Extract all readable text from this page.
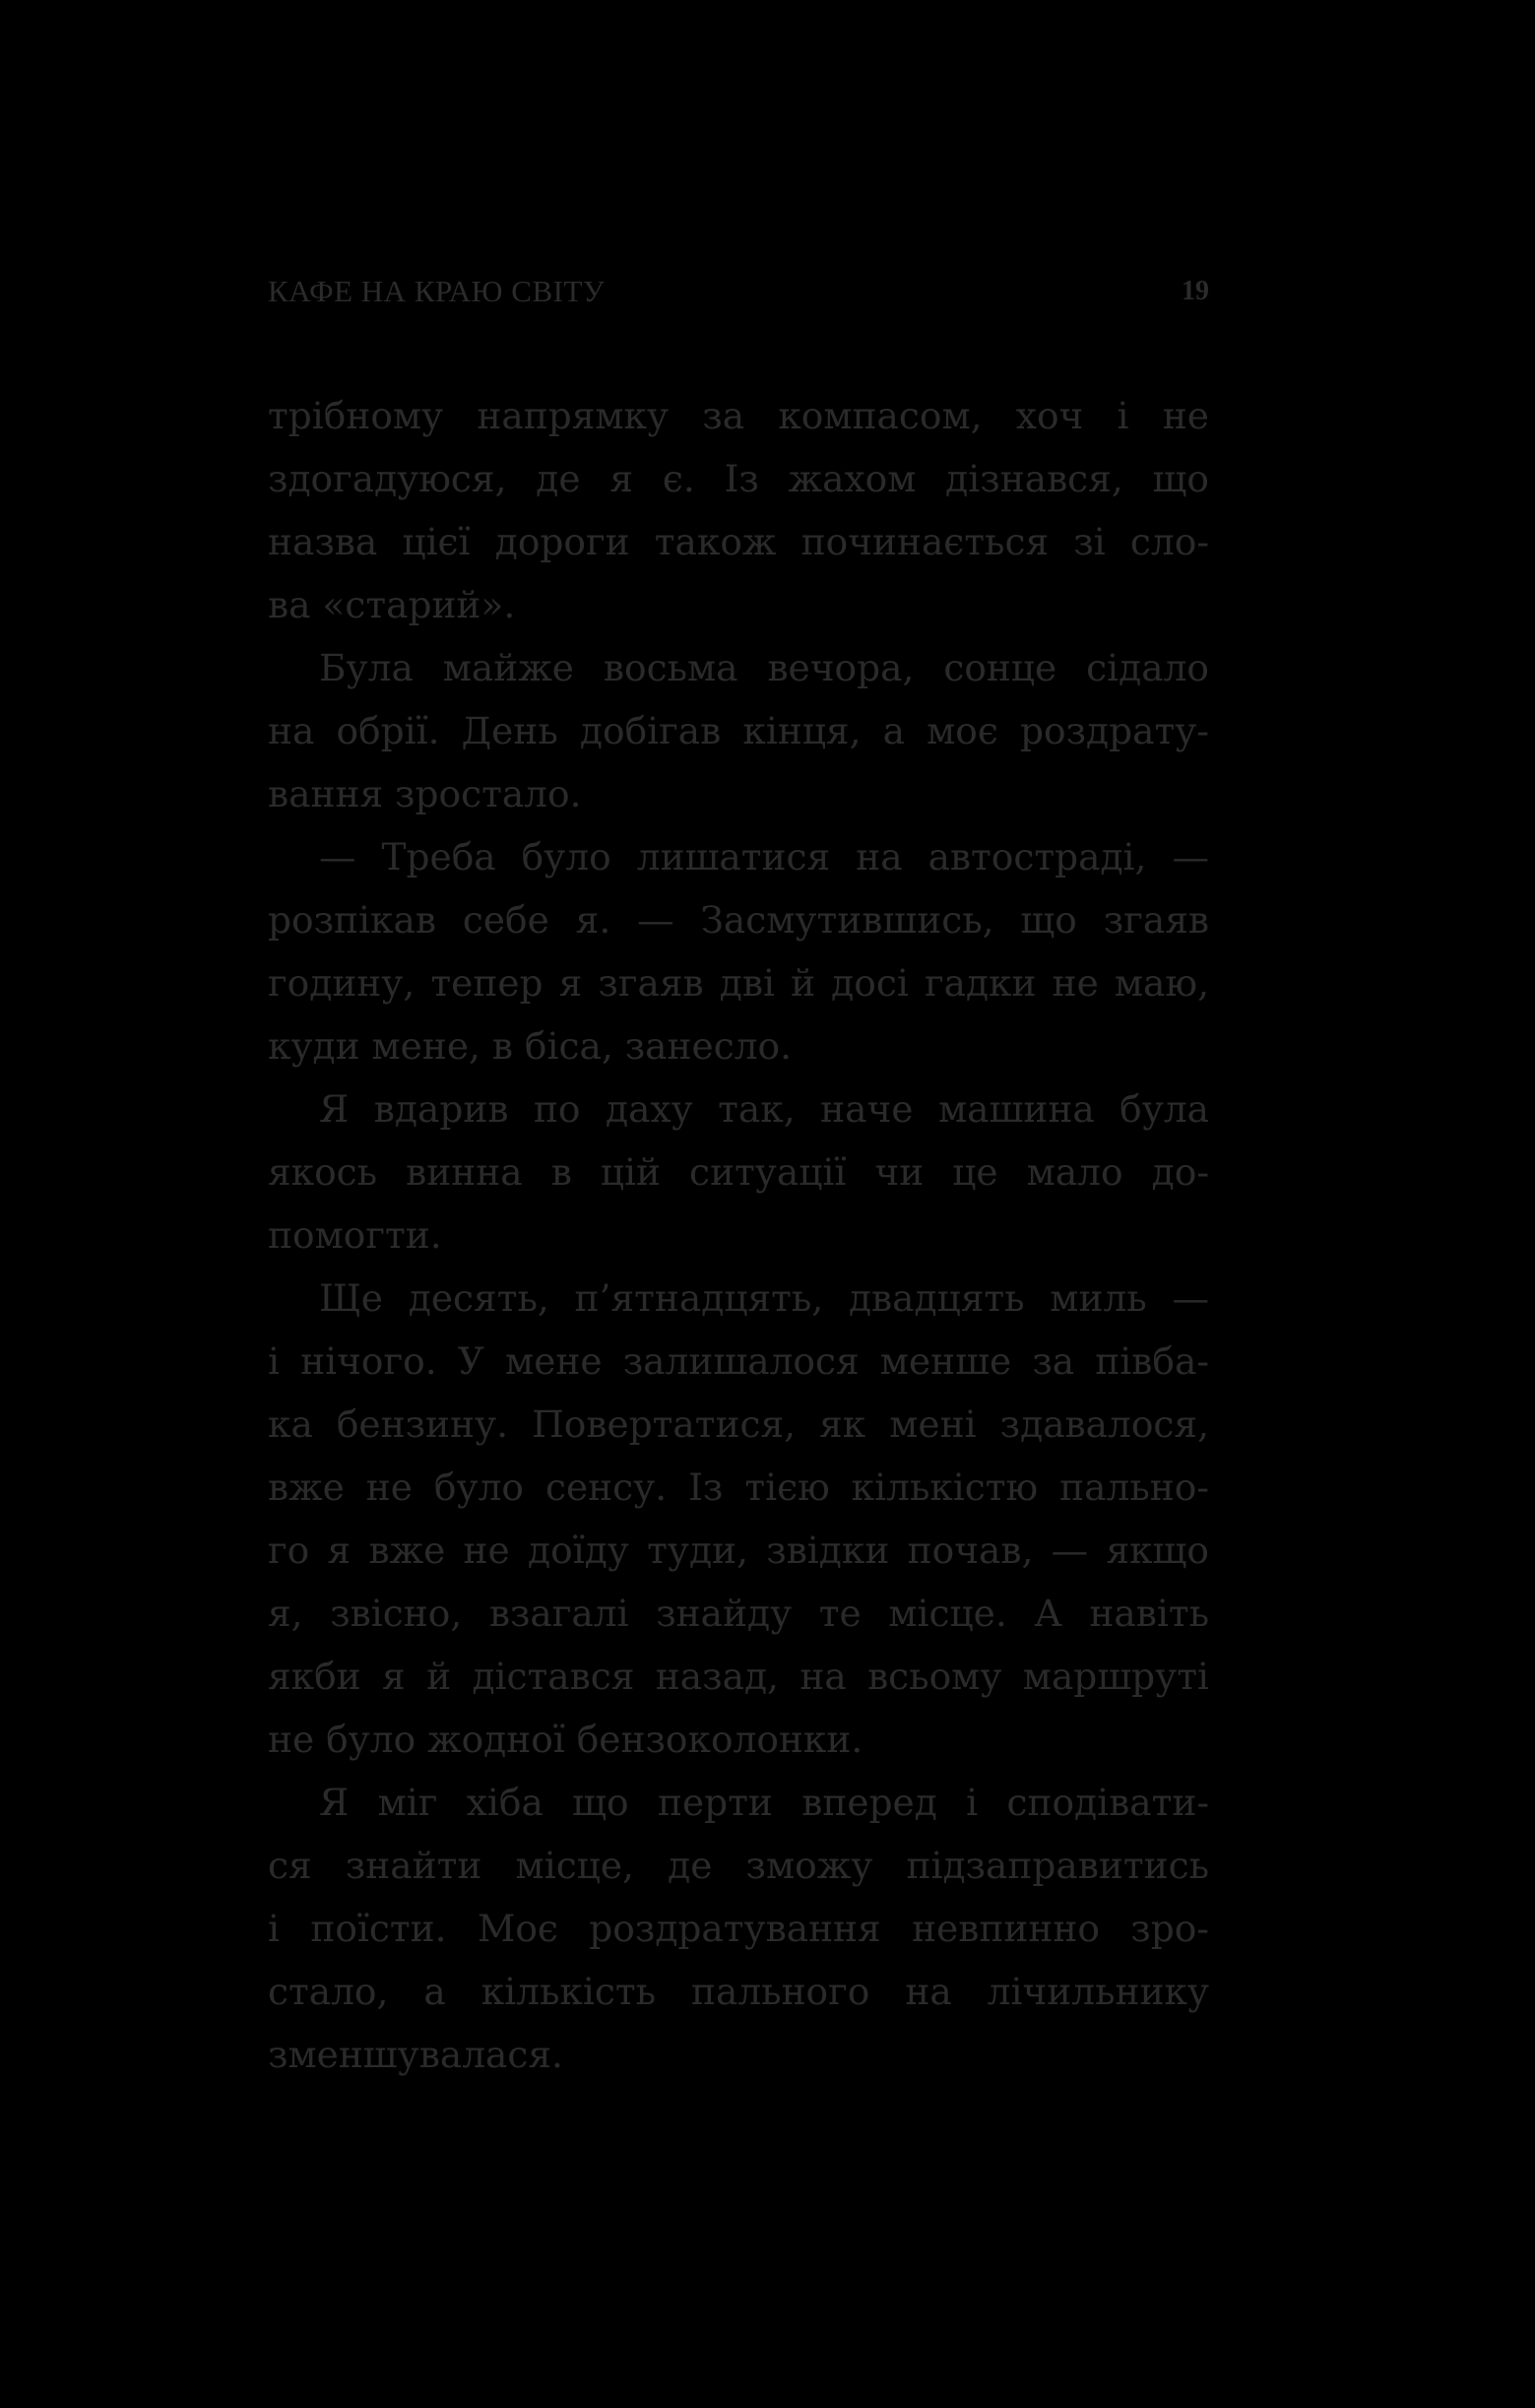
КАФЕ НА КРАЮ СВІТУ	19
трібному напрямку за компасом, хоч і не
здогадуюся, де я є. Із жахом дізнався, що
назва цієї дороги також починається зі сло-
ва «старий».
Була майже восьма вечора, сонце сідало
на обрії. День добігав кінця, а моє роздрату-
вання зростало.
— Треба було лишатися на автостраді, —
розпікав себе я. — Засмутившись, що згаяв
годину, тепер я згаяв дві й досі гадки не маю,
куди мене, в біса, занесло.
Я вдарив по даху так, наче машина була
якось винна в цій ситуації чи це мало до-
помогти.
Ще десять, п’ятнадцять, двадцять миль —
і нічого. У мене залишалося менше за півба-
ка бензину. Повертатися, як мені здавалося,
вже не було сенсу. Із тією кількістю пально-
го я вже не доїду туди, звідки почав, — якщо
я, звісно, взагалі знайду те місце. А навіть
якби я й дістався назад, на всьому маршруті
не було жодної бензоколонки.
Я міг хіба що перти вперед і сподівати-
ся знайти місце, де зможу підзаправитись
і поїсти. Моє роздратування невпинно зро-
стало, а кількість пального на лічильнику
зменшувалася.
